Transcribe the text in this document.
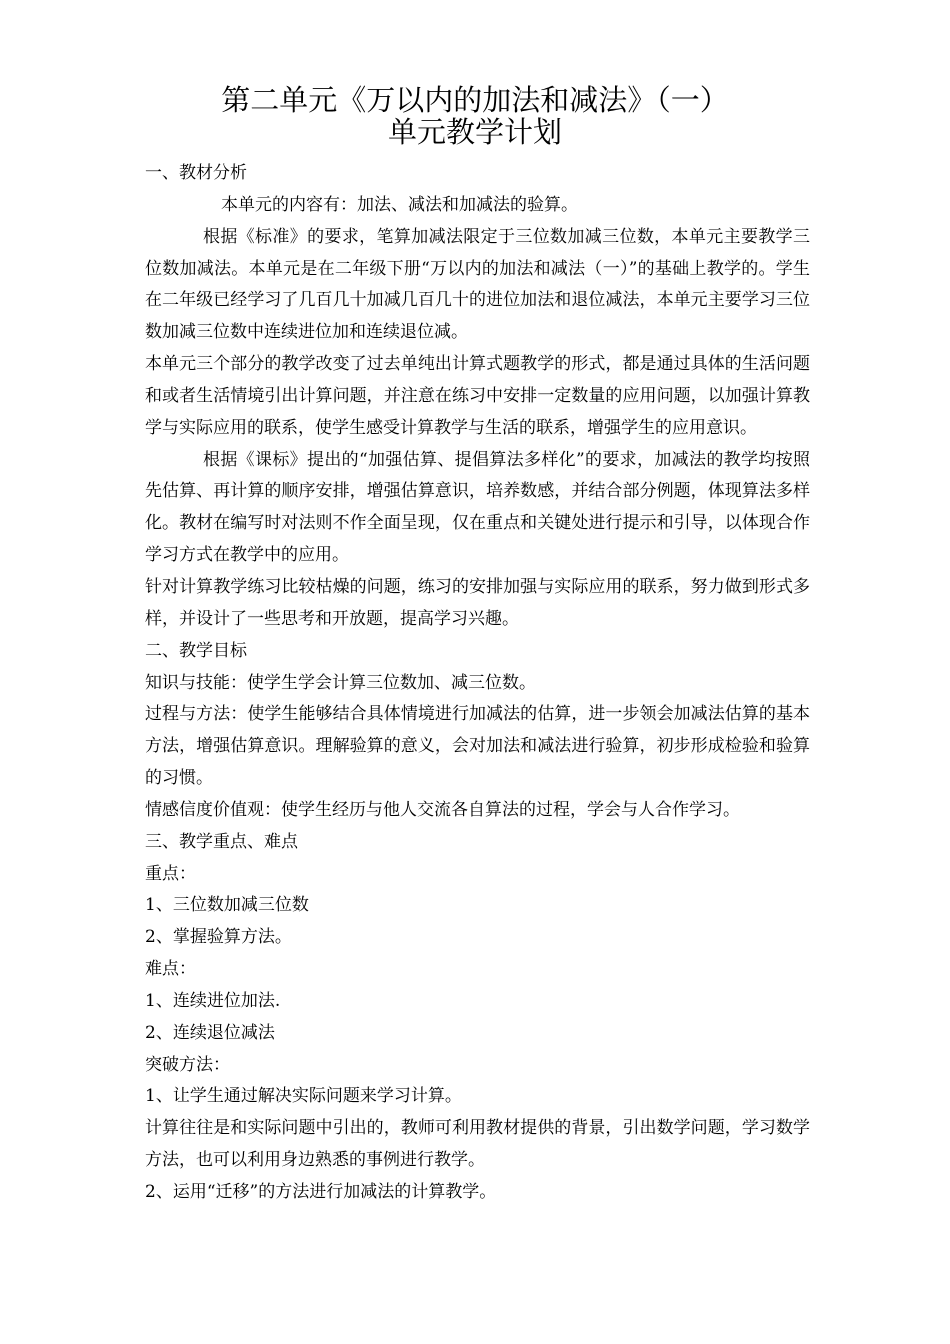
第二单元《万以内的加法和减法》（一）
单元教学计划

一、教材分析

本单元的内容有：加法、减法和加减法的验算。

根据《标准》的要求，笔算加减法限定于三位数加减三位数，本单元主要教学三位数加减法。本单元是在二年级下册“万以内的加法和减法（一）”的基础上教学的。学生在二年级已经学习了几百几十加减几百几十的进位加法和退位减法，本单元主要学习三位数加减三位数中连续进位加和连续退位减。

本单元三个部分的教学改变了过去单纯出计算式题教学的形式，都是通过具体的生活问题和或者生活情境引出计算问题，并注意在练习中安排一定数量的应用问题，以加强计算教学与实际应用的联系，使学生感受计算教学与生活的联系，增强学生的应用意识。

根据《课标》提出的“加强估算、提倡算法多样化”的要求，加减法的教学均按照先估算、再计算的顺序安排，增强估算意识，培养数感，并结合部分例题，体现算法多样化。教材在编写时对法则不作全面呈现，仅在重点和关键处进行提示和引导，以体现合作学习方式在教学中的应用。

针对计算教学练习比较枯燥的问题，练习的安排加强与实际应用的联系，努力做到形式多样，并设计了一些思考和开放题，提高学习兴趣。

二、教学目标

知识与技能：使学生学会计算三位数加、减三位数。

过程与方法：使学生能够结合具体情境进行加减法的估算，进一步领会加减法估算的基本方法，增强估算意识。理解验算的意义，会对加法和减法进行验算，初步形成检验和验算的习惯。

情感信度价值观：使学生经历与他人交流各自算法的过程，学会与人合作学习。

三、教学重点、难点

重点：

1、三位数加减三位数

2、掌握验算方法。

难点：

1、连续进位加法.

2、连续退位减法

突破方法：

1、让学生通过解决实际问题来学习计算。

计算往往是和实际问题中引出的，教师可利用教材提供的背景，引出数学问题，学习数学方法，也可以利用身边熟悉的事例进行教学。

2、运用“迁移”的方法进行加减法的计算教学。
